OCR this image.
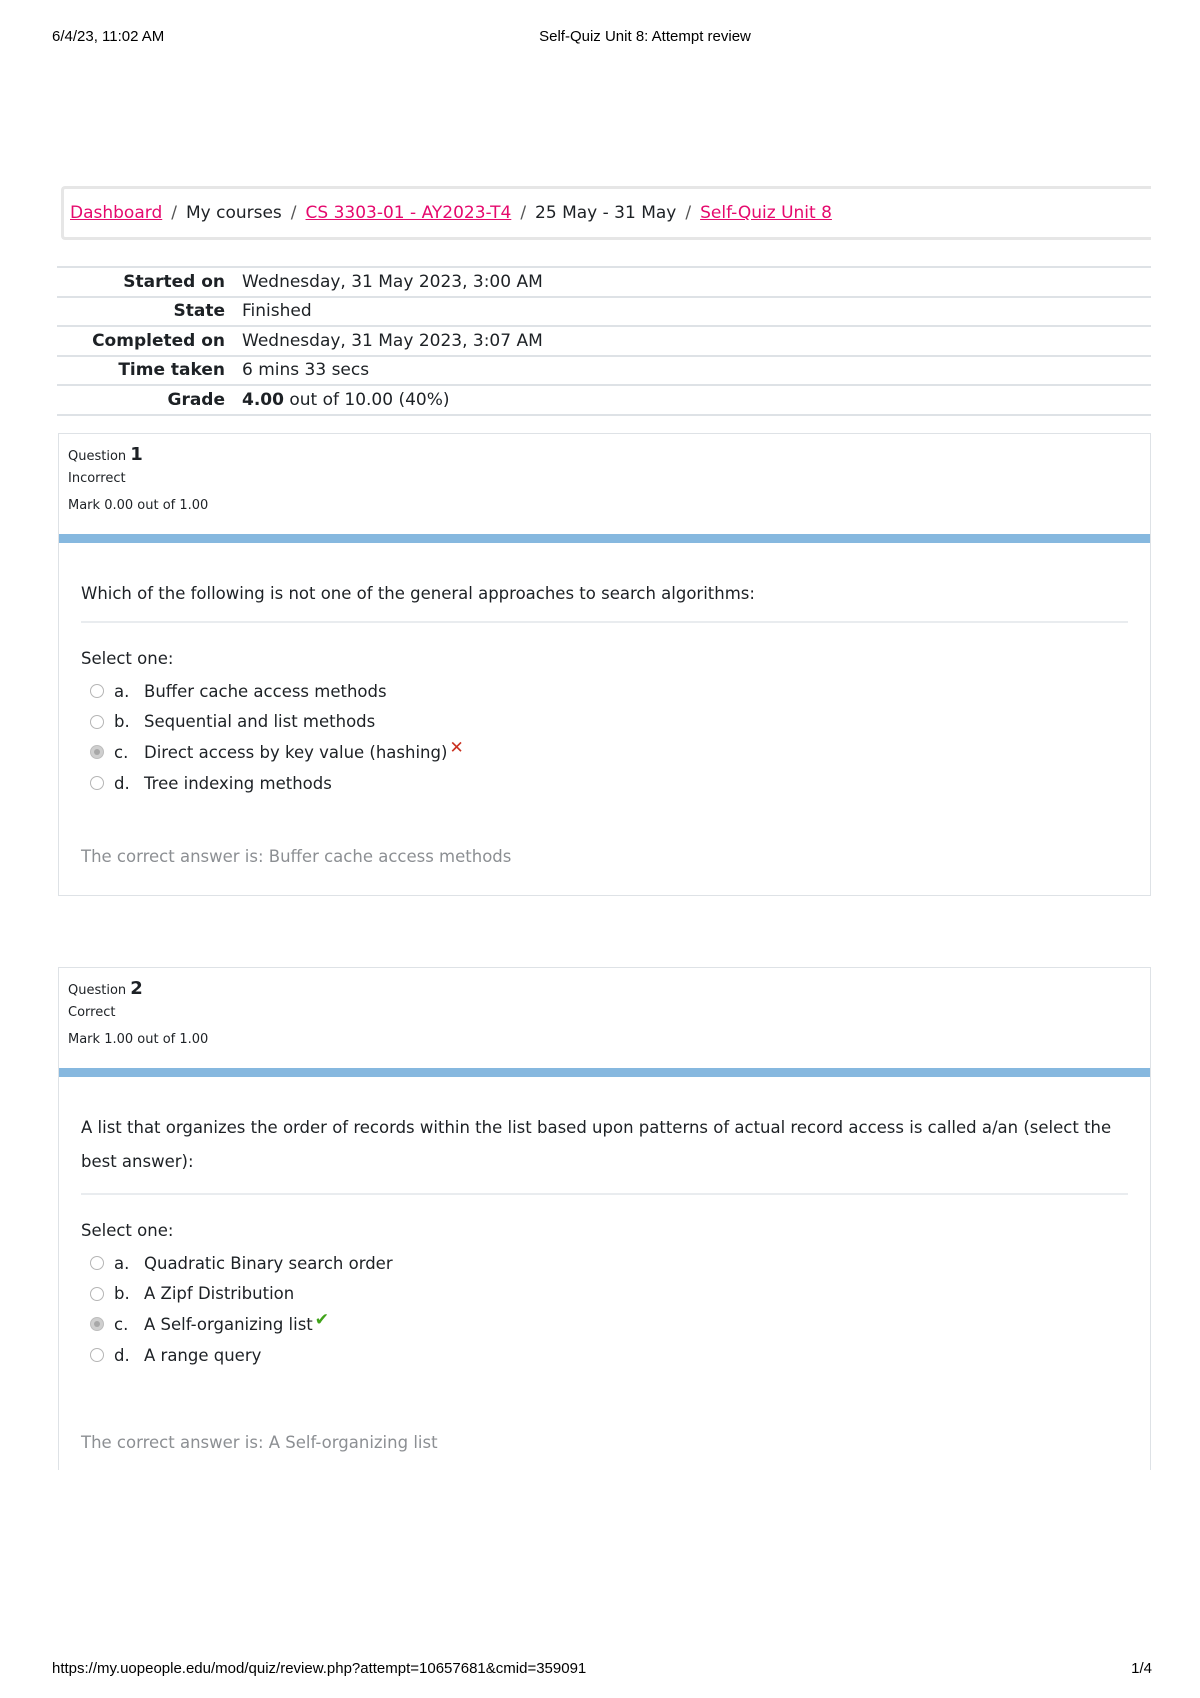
6/4/23, 11:02 AM	Self-Quiz Unit 8: Attempt review
Dashboard / My courses / CS 3303-01 - AY2023-T4 / 25 May - 31 May / Self-Quiz Unit 8
Started on	Wednesday, 31 May 2023, 3:00 AM
State	Finished
Completed on	Wednesday, 31 May 2023, 3:07 AM
Time taken	6 mins 33 secs
Grade	4.00 out of 10.00 (40%)
Question 1
Incorrect
Mark 0.00 out of 1.00
Which of the following is not one of the general approaches to search algorithms:
Select one:
a. Buffer cache access methods
b. Sequential and list methods
c. Direct access by key value (hashing) ✕
d. Tree indexing methods
The correct answer is: Buffer cache access methods
Question 2
Correct
Mark 1.00 out of 1.00
A list that organizes the order of records within the list based upon patterns of actual record access is called a/an (select the best answer):
Select one:
a. Quadratic Binary search order
b. A Zipf Distribution
c. A Self-organizing list ✔
d. A range query
The correct answer is: A Self-organizing list
https://my.uopeople.edu/mod/quiz/review.php?attempt=10657681&cmid=359091	1/4
